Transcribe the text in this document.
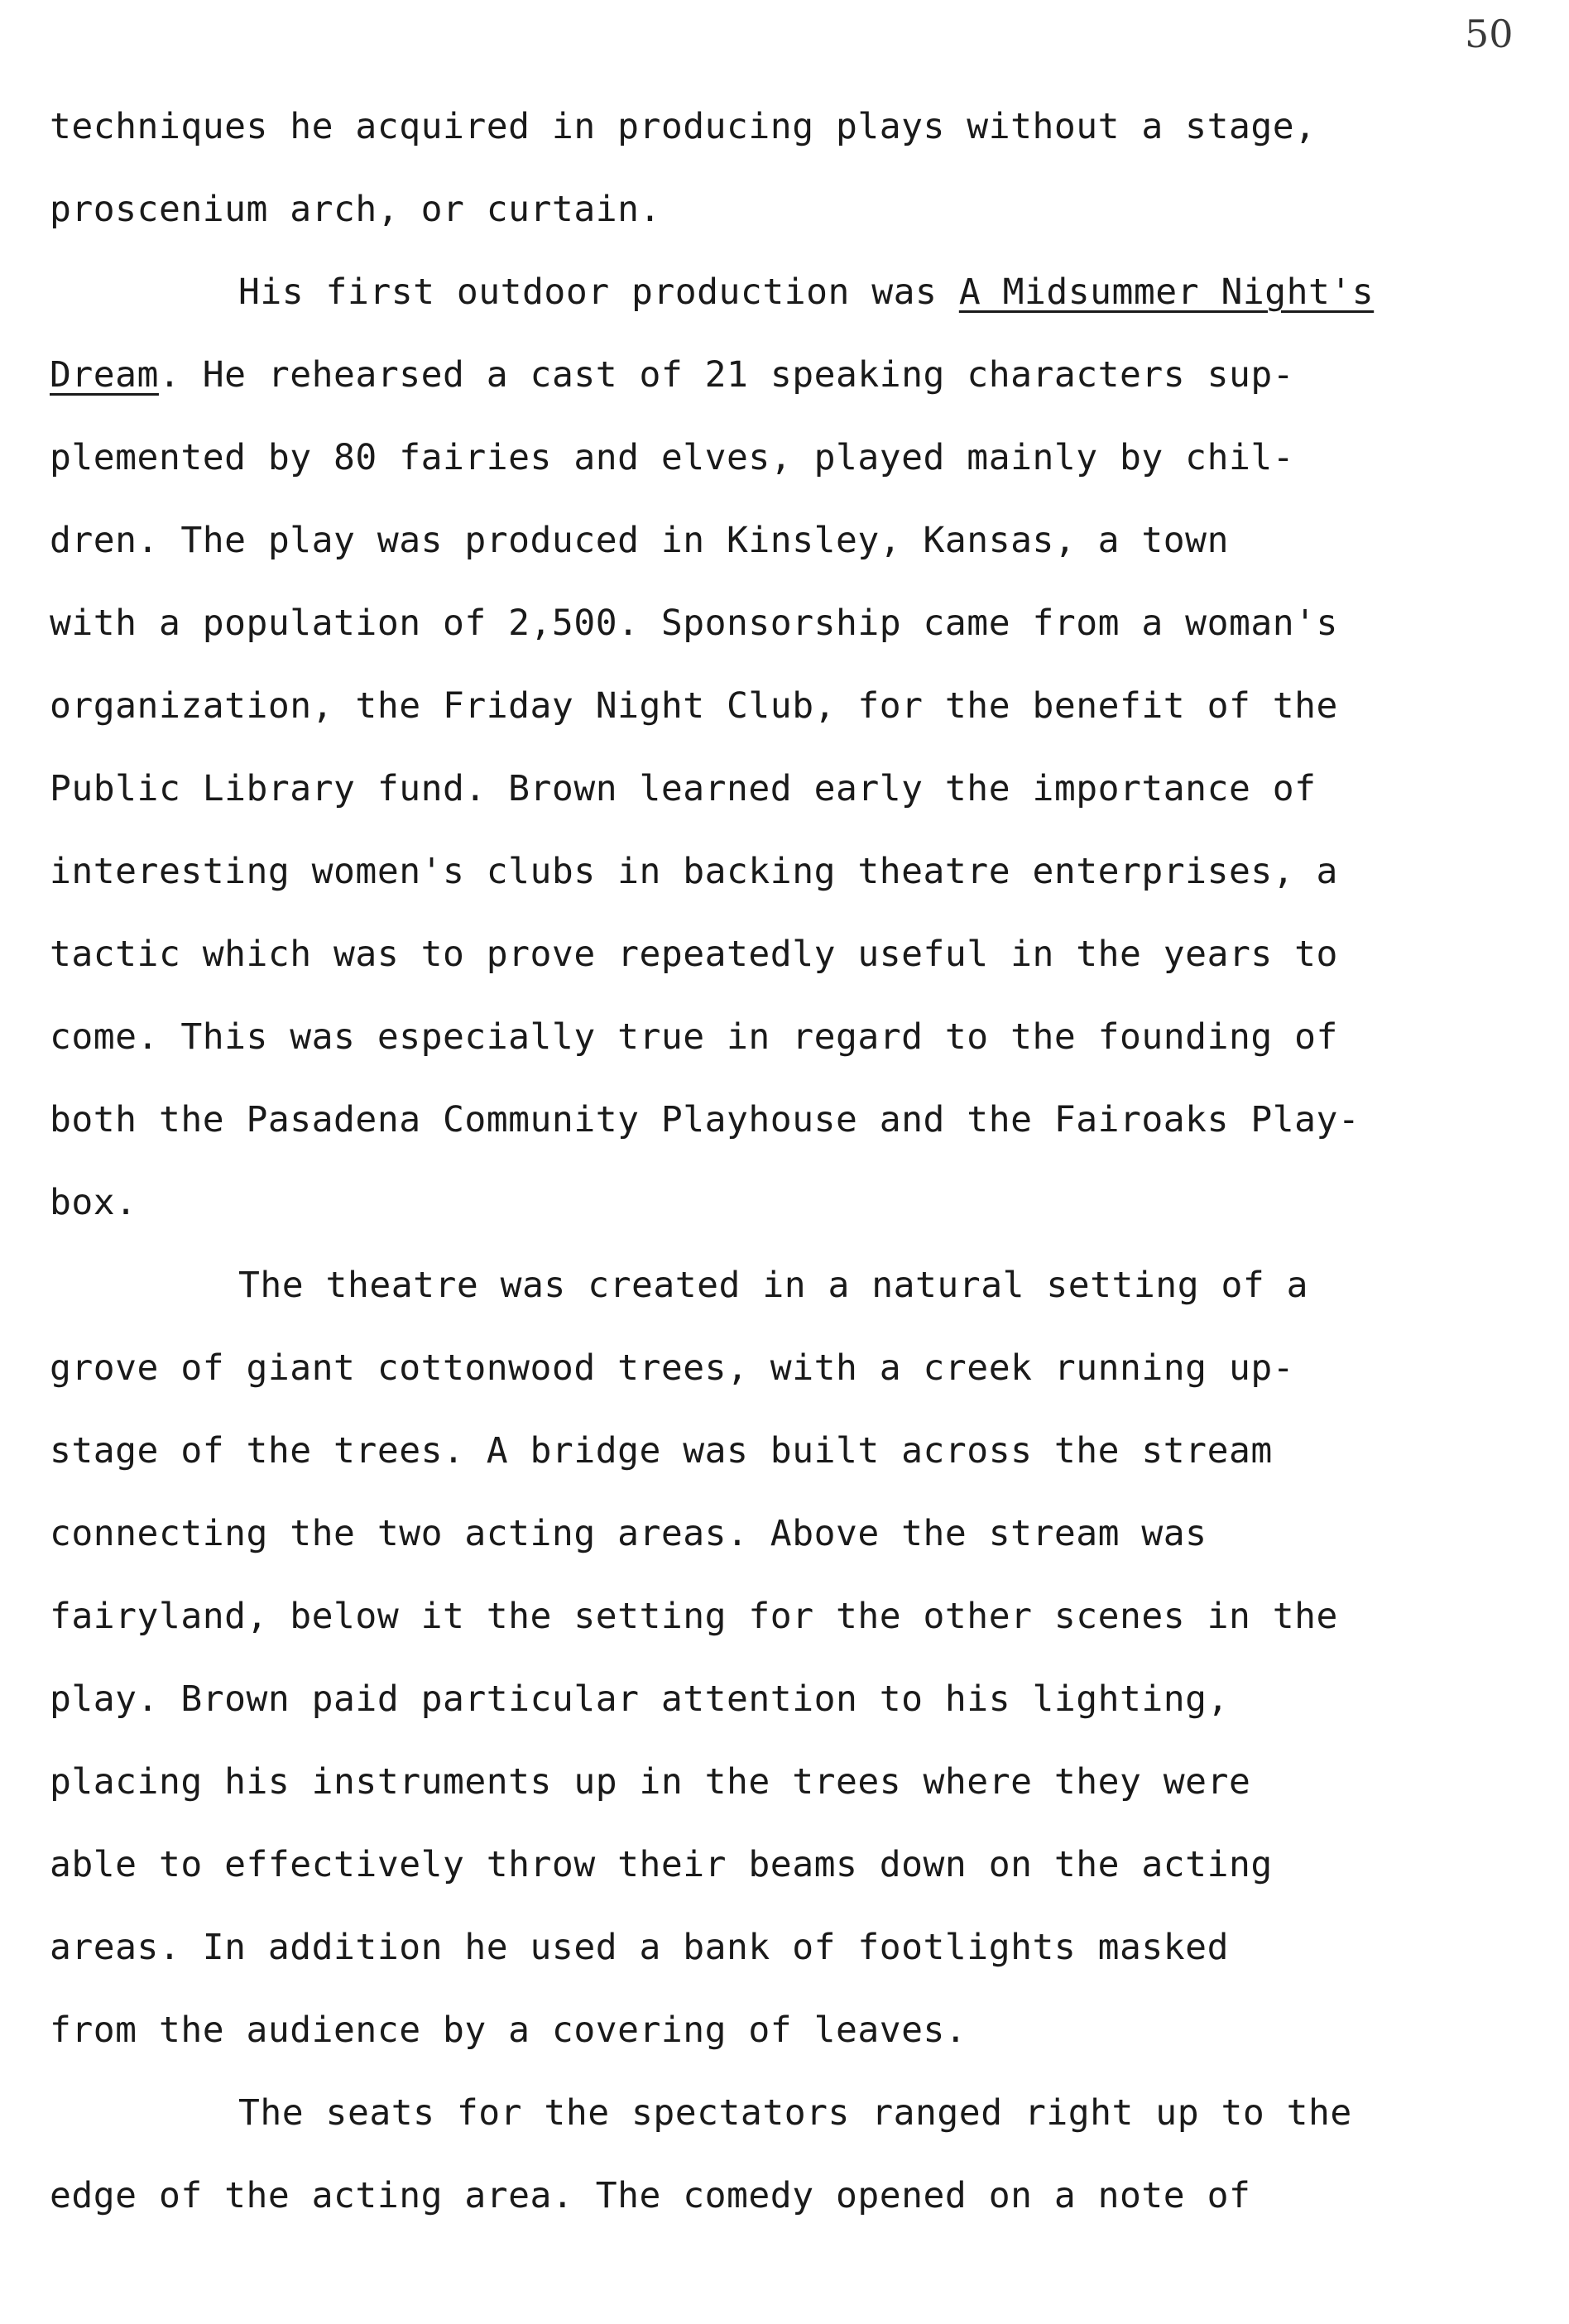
50
techniques he acquired in producing plays without a stage,
proscenium arch, or curtain.
His first outdoor production was A Midsummer Night's
Dream. He rehearsed a cast of 21 speaking characters sup-
plemented by 80 fairies and elves, played mainly by chil-
dren. The play was produced in Kinsley, Kansas, a town
with a population of 2,500. Sponsorship came from a woman's
organization, the Friday Night Club, for the benefit of the
Public Library fund. Brown learned early the importance of
interesting women's clubs in backing theatre enterprises, a
tactic which was to prove repeatedly useful in the years to
come. This was especially true in regard to the founding of
both the Pasadena Community Playhouse and the Fairoaks Play-
box.
The theatre was created in a natural setting of a
grove of giant cottonwood trees, with a creek running up-
stage of the trees. A bridge was built across the stream
connecting the two acting areas. Above the stream was
fairyland, below it the setting for the other scenes in the
play. Brown paid particular attention to his lighting,
placing his instruments up in the trees where they were
able to effectively throw their beams down on the acting
areas. In addition he used a bank of footlights masked
from the audience by a covering of leaves.
The seats for the spectators ranged right up to the
edge of the acting area. The comedy opened on a note of
